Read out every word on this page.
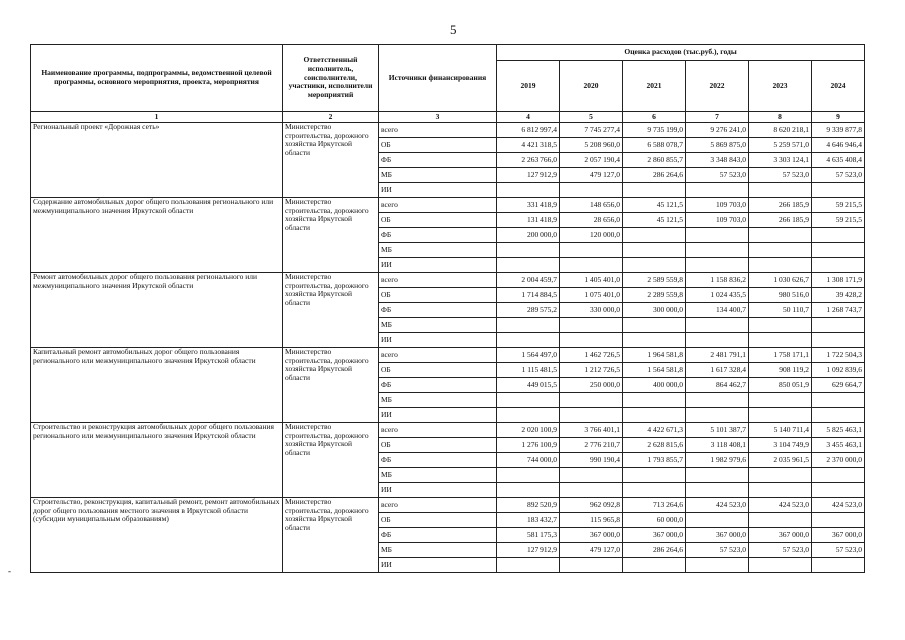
5
Наименование программы, подпрограммы, ведомственной целевой программы, основного мероприятия, проекта, мероприятия	Ответственный исполнитель, соисполнители, участники, исполнители мероприятий	Источники финансирования	Оценка расходов (тыс.руб.), годы					
			2019	2020	2021	2022	2023	2024
1	2	3	4	5	6	7	8	9
Региональный проект «Дорожная сеть»	Министерство строительства, дорожного хозяйства Иркутской области	всего	6 812 997,4	7 745 277,4	9 735 199,0	9 276 241,0	8 620 218,1	9 339 877,8
		ОБ	4 421 318,5	5 208 960,0	6 588 078,7	5 869 875,0	5 259 571,0	4 646 946,4
		ФБ	2 263 766,0	2 057 190,4	2 860 855,7	3 348 843,0	3 303 124,1	4 635 408,4
		МБ	127 912,9	479 127,0	286 264,6	57 523,0	57 523,0	57 523,0
		ИИ						
Содержание автомобильных дорог общего пользования регионального или межмуниципального значения Иркутской области	Министерство строительства, дорожного хозяйства Иркутской области	всего	331 418,9	148 656,0	45 121,5	109 703,0	266 185,9	59 215,5
		ОБ	131 418,9	28 656,0	45 121,5	109 703,0	266 185,9	59 215,5
		ФБ	200 000,0	120 000,0				
		МБ						
		ИИ						
Ремонт автомобильных дорог общего пользования регионального или межмуниципального значения Иркутской области	Министерство строительства, дорожного хозяйства Иркутской области	всего	2 004 459,7	1 405 401,0	2 589 559,8	1 158 836,2	1 030 626,7	1 308 171,9
		ОБ	1 714 884,5	1 075 401,0	2 289 559,8	1 024 435,5	980 516,0	39 428,2
		ФБ	289 575,2	330 000,0	300 000,0	134 400,7	50 110,7	1 268 743,7
		МБ						
		ИИ						
Капитальный ремонт автомобильных дорог общего пользования регионального или межмуниципального значения Иркутской области	Министерство строительства, дорожного хозяйства Иркутской области	всего	1 564 497,0	1 462 726,5	1 964 581,8	2 481 791,1	1 758 171,1	1 722 504,3
		ОБ	1 115 481,5	1 212 726,5	1 564 581,8	1 617 328,4	908 119,2	1 092 839,6
		ФБ	449 015,5	250 000,0	400 000,0	864 462,7	850 051,9	629 664,7
		МБ						
		ИИ						
Строительство и реконструкция автомобильных дорог общего пользования регионального или межмуниципального значения Иркутской области	Министерство строительства, дорожного хозяйства Иркутской области	всего	2 020 100,9	3 766 401,1	4 422 671,3	5 101 387,7	5 140 711,4	5 825 463,1
		ОБ	1 276 100,9	2 776 210,7	2 628 815,6	3 118 408,1	3 104 749,9	3 455 463,1
		ФБ	744 000,0	990 190,4	1 793 855,7	1 982 979,6	2 035 961,5	2 370 000,0
		МБ						
		ИИ						
Строительство, реконструкция, капитальный ремонт, ремонт автомобильных дорог общего пользования местного значения в Иркутской области (субсидии муниципальным образованиям)	Министерство строительства, дорожного хозяйства Иркутской области	всего	892 520,9	962 092,8	713 264,6	424 523,0	424 523,0	424 523,0
		ОБ	183 432,7	115 965,8	60 000,0			
		ФБ	581 175,3	367 000,0	367 000,0	367 000,0	367 000,0	367 000,0
		МБ	127 912,9	479 127,0	286 264,6	57 523,0	57 523,0	57 523,0
		ИИ						
-
